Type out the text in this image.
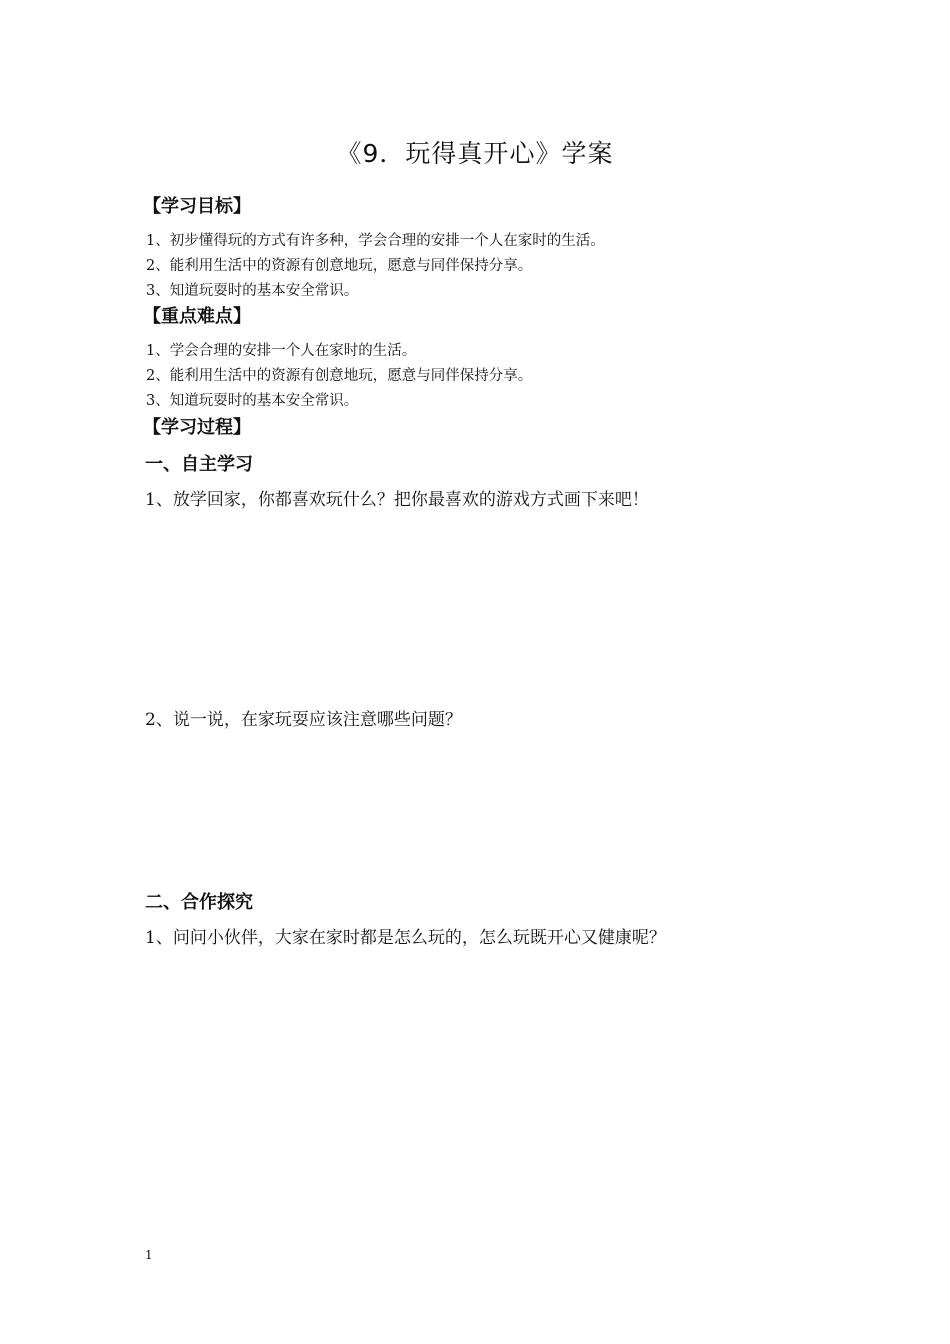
《9．玩得真开心》学案
【学习目标】
1、初步懂得玩的方式有许多种，学会合理的安排一个人在家时的生活。
2、能利用生活中的资源有创意地玩，愿意与同伴保持分享。
3、知道玩耍时的基本安全常识。
【重点难点】
1、学会合理的安排一个人在家时的生活。
2、能利用生活中的资源有创意地玩，愿意与同伴保持分享。
3、知道玩耍时的基本安全常识。
【学习过程】
一、自主学习
1、放学回家，你都喜欢玩什么？把你最喜欢的游戏方式画下来吧！
2、说一说，在家玩耍应该注意哪些问题？
二、合作探究
1、问问小伙伴，大家在家时都是怎么玩的，怎么玩既开心又健康呢？
1
